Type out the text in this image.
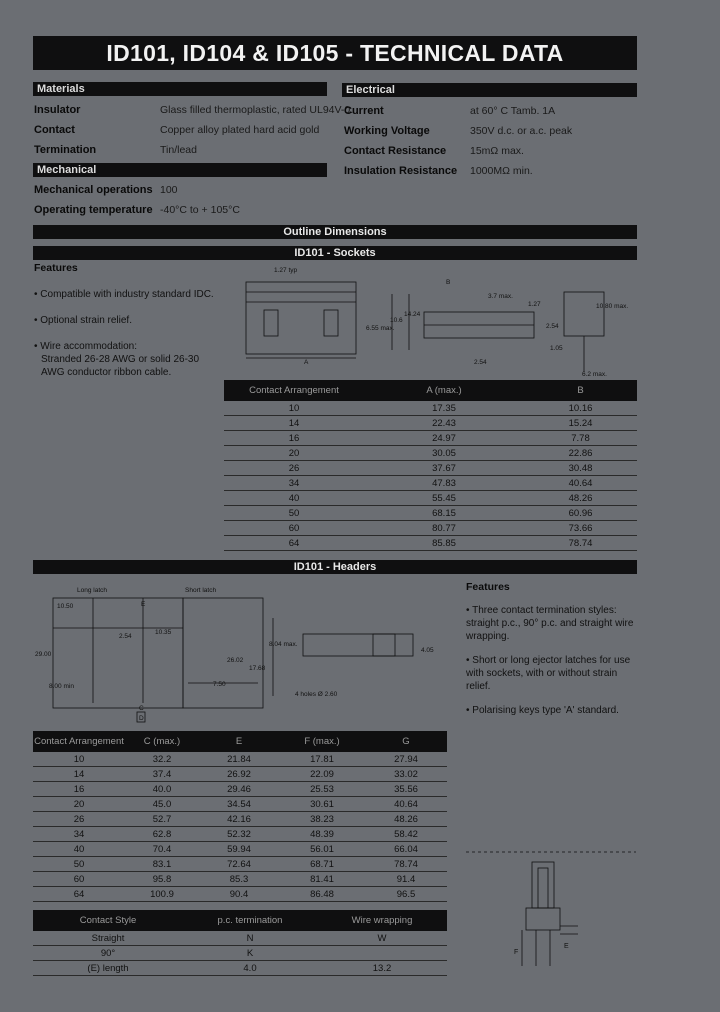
ID101, ID104 & ID105 - TECHNICAL DATA
Materials
Insulator	Glass filled thermoplastic, rated UL94V-0.
Contact	Copper alloy plated hard acid gold
Termination	Tin/lead
Mechanical
Mechanical operations 100
Operating temperature -40°C to + 105°C
Electrical
Current	at 60° C Tamb. 1A
Working Voltage	350V d.c. or a.c. peak
Contact Resistance 15mΩ max.
Insulation Resistance 1000MΩ min.
Outline Dimensions
ID101 - Sockets
Features
• Compatible with industry standard IDC.
• Optional strain relief.
• Wire accommodation:
Stranded 26-28 AWG or solid 26-30
AWG conductor ribbon cable.
1.27 typ
B
3.7 max.
1.27	10.80 max.
14.24
10.6
6.55 max.	2.54
1.05
A	2.54
6.2 max.
Contact Arrangement	A (max.)	B
10	17.35	10.16
14	22.43	15.24
16	24.97	7.78
20	30.05	22.86
26	37.67	30.48
34	47.83	40.64
40	55.45	48.26
50	68.15	60.96
60	80.77	73.66
64	85.85	78.74
ID101 - Headers
Long latch	Short latch
10.50	E
29.00
8.00 min
10.35
2.54
26.02
17.68
7.50
8.04 max.
4 holes Ø 2.60
4.05
C
D
Contact Arrangement	C (max.)	E	F (max.)	G
10	32.2	21.84	17.81	27.94
14	37.4	26.92	22.09	33.02
16	40.0	29.46	25.53	35.56
20	45.0	34.54	30.61	40.64
26	52.7	42.16	38.23	48.26
34	62.8	52.32	48.39	58.42
40	70.4	59.94	56.01	66.04
50	83.1	72.64	68.71	78.74
60	95.8	85.3	81.41	91.4
64	100.9	90.4	86.48	96.5
Contact Style	p.c. termination	Wire wrapping
Straight	N	W
90°	K	
(E) length	4.0	13.2
Features
• Three contact termination styles: straight p.c., 90° p.c. and straight wire wrapping.
• Short or long ejector latches for use with sockets, with or without strain relief.
• Polarising keys type 'A' standard.
F
E
